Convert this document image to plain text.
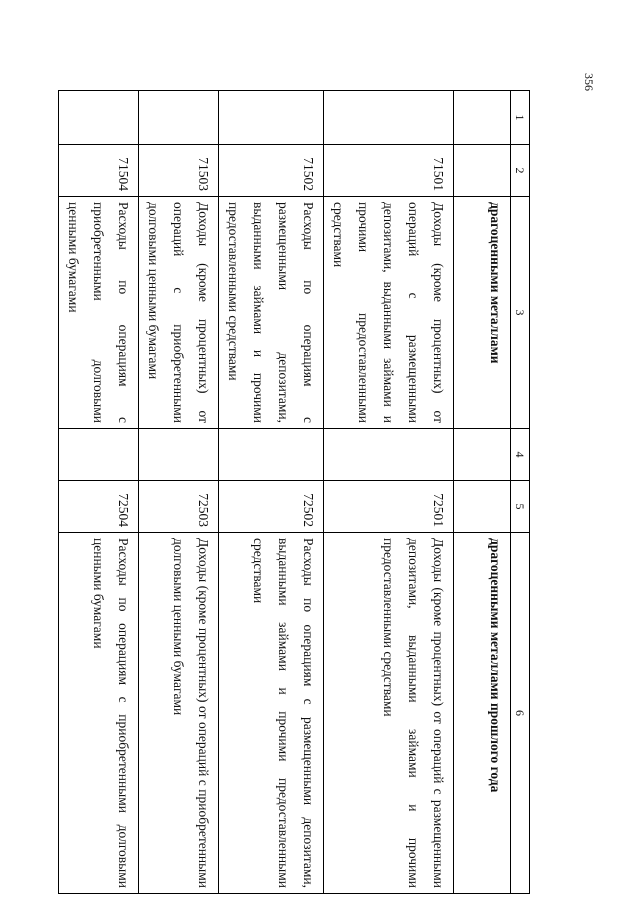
356
1	2	3	4	5	6
		драгоценными металлами			драгоценными металлами прошлого года
	71501	Доходы (кроме процентных) от операций с размещенными депозитами, выданными займами и прочими предоставленными средствами		72501	Доходы (кроме процентных) от операций с размещенными депозитами, выданными займами и прочими предоставленными средствами
	71502	Расходы по операциям с размещенными депозитами, выданными займами и прочими предоставленными средствами		72502	Расходы по операциям с размещенными депозитами, выданными займами и прочими предоставленными средствами
	71503	Доходы (кроме процентных) от операций с приобретенными долговыми ценными бумагами		72503	Доходы (кроме процентных) от операций с приобретенными долговыми ценными бумагами
	71504	Расходы по операциям с приобретенными долговыми ценными бумагами		72504	Расходы по операциям с приобретенными долговыми ценными бумагами
